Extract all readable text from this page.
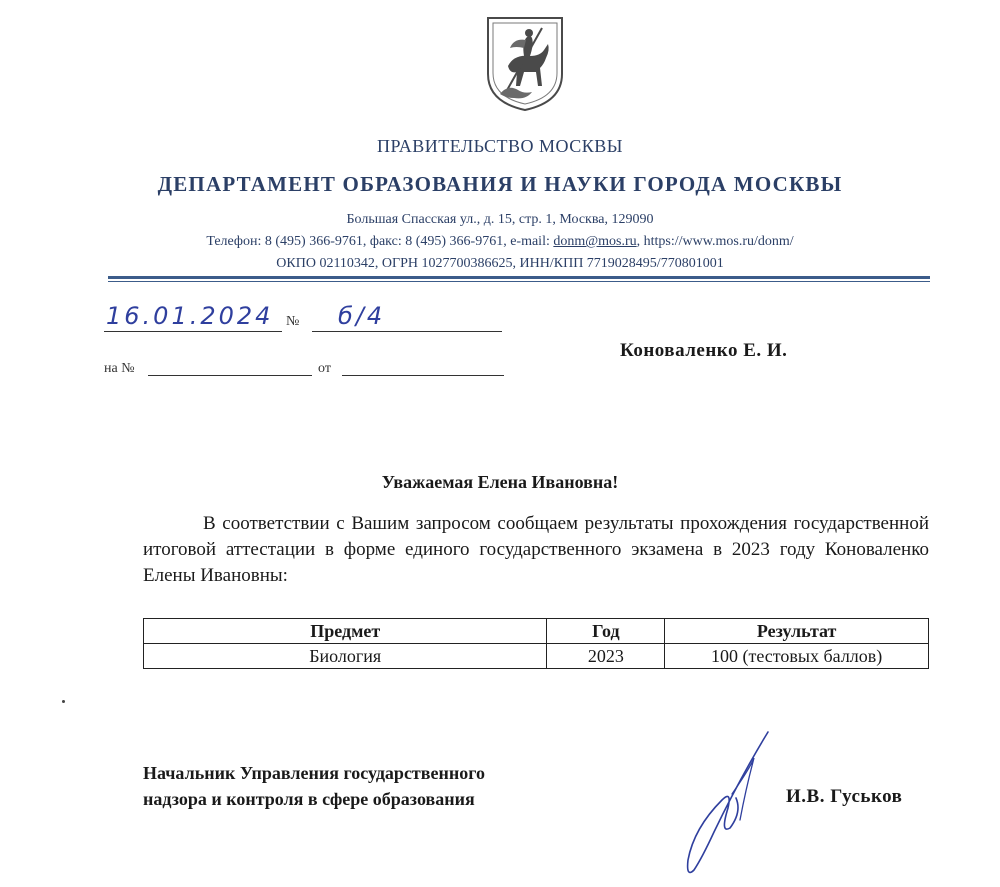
ПРАВИТЕЛЬСТВО МОСКВЫ
ДЕПАРТАМЕНТ ОБРАЗОВАНИЯ И НАУКИ ГОРОДА МОСКВЫ
Большая Спасская ул., д. 15, стр. 1, Москва, 129090
Телефон: 8 (495) 366-9761, факс: 8 (495) 366-9761, e-mail: donm@mos.ru, https://www.mos.ru/donm/
ОКПО 02110342, ОГРН 1027700386625, ИНН/КПП 7719028495/770801001
16.01.2024 № б/4
на №	от
Коноваленко Е. И.
Уважаемая Елена Ивановна!
В соответствии с Вашим запросом сообщаем результаты прохождения государственной итоговой аттестации в форме единого государственного экзамена в 2023 году Коноваленко Елены Ивановны:
Предмет	Год	Результат
Биология	2023	100 (тестовых баллов)
Начальник Управления государственного
надзора и контроля в сфере образования	И.В. Гуськов
